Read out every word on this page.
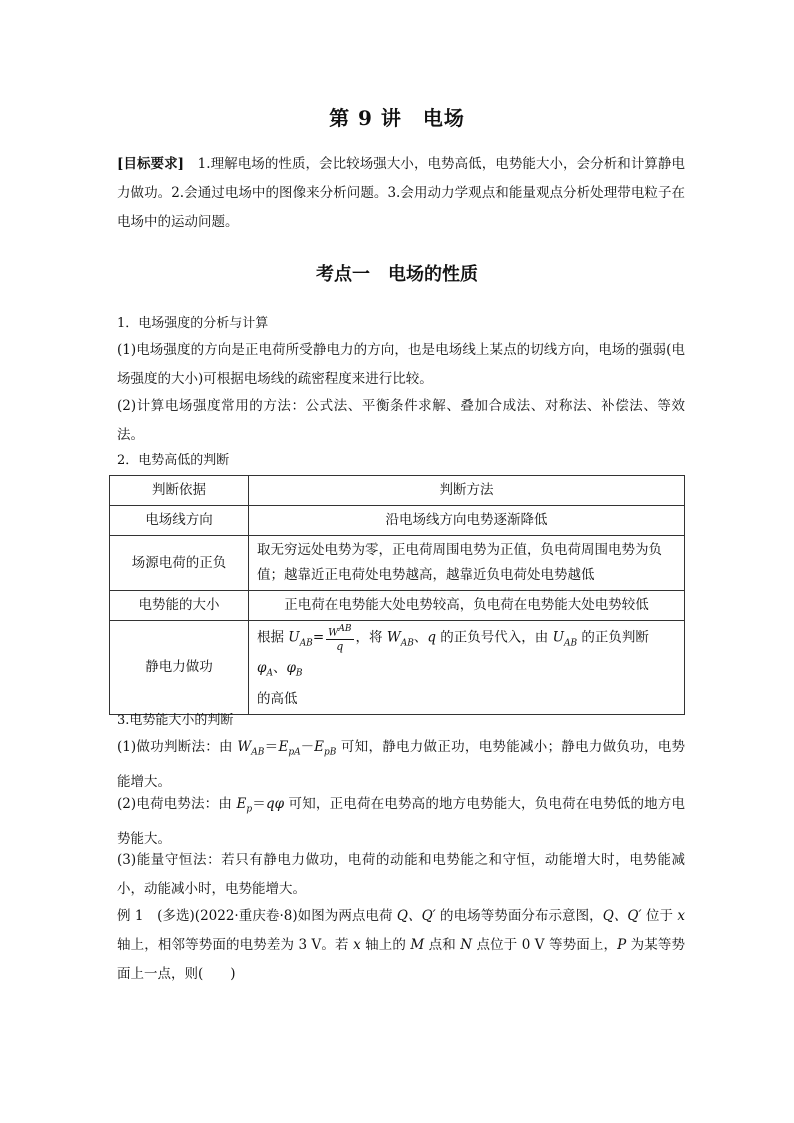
第 9 讲　电场
[目标要求]　1.理解电场的性质，会比较场强大小，电势高低，电势能大小，会分析和计算静电力做功。2.会通过电场中的图像来分析问题。3.会用动力学观点和能量观点分析处理带电粒子在电场中的运动问题。
考点一　电场的性质
1．电场强度的分析与计算
(1)电场强度的方向是正电荷所受静电力的方向，也是电场线上某点的切线方向，电场的强弱(电场强度的大小)可根据电场线的疏密程度来进行比较。
(2)计算电场强度常用的方法：公式法、平衡条件求解、叠加合成法、对称法、补偿法、等效法。
2．电势高低的判断
判断依据	判断方法
电场线方向	沿电场线方向电势逐渐降低
场源电荷的正负	取无穷远处电势为零，正电荷周围电势为正值，负电荷周围电势为负值；越靠近正电荷处电势越高，越靠近负电荷处电势越低
电势能的大小	正电荷在电势能大处电势较高，负电荷在电势能大处电势较低
静电力做功	根据 $U_{AB}= \frac{W^{AB}}{q}$ ，将 $W_{AB}$、q 的正负号代入，由 $U_{AB}$ 的正负判断 $\varphi_A$、$\varphi_B$
的高低
3.电势能大小的判断
(1)做功判断法：由 $W_{AB}=E_{pA}-E_{pB}$ 可知，静电力做正功，电势能减小；静电力做负功，电势能增大。
(2)电荷电势法：由 $E_p=q\varphi$ 可知，正电荷在电势高的地方电势能大，负电荷在电势低的地方电势能大。
(3)能量守恒法：若只有静电力做功，电荷的动能和电势能之和守恒，动能增大时，电势能减小，动能减小时，电势能增大。
例 1　(多选)(2022·重庆卷·8)如图为两点电荷 Q、Q′ 的电场等势面分布示意图，Q、Q′ 位于 x 轴上，相邻等势面的电势差为 3 V。若 x 轴上的 M 点和 N 点位于 0 V 等势面上，P 为某等势面上一点，则(　　)
